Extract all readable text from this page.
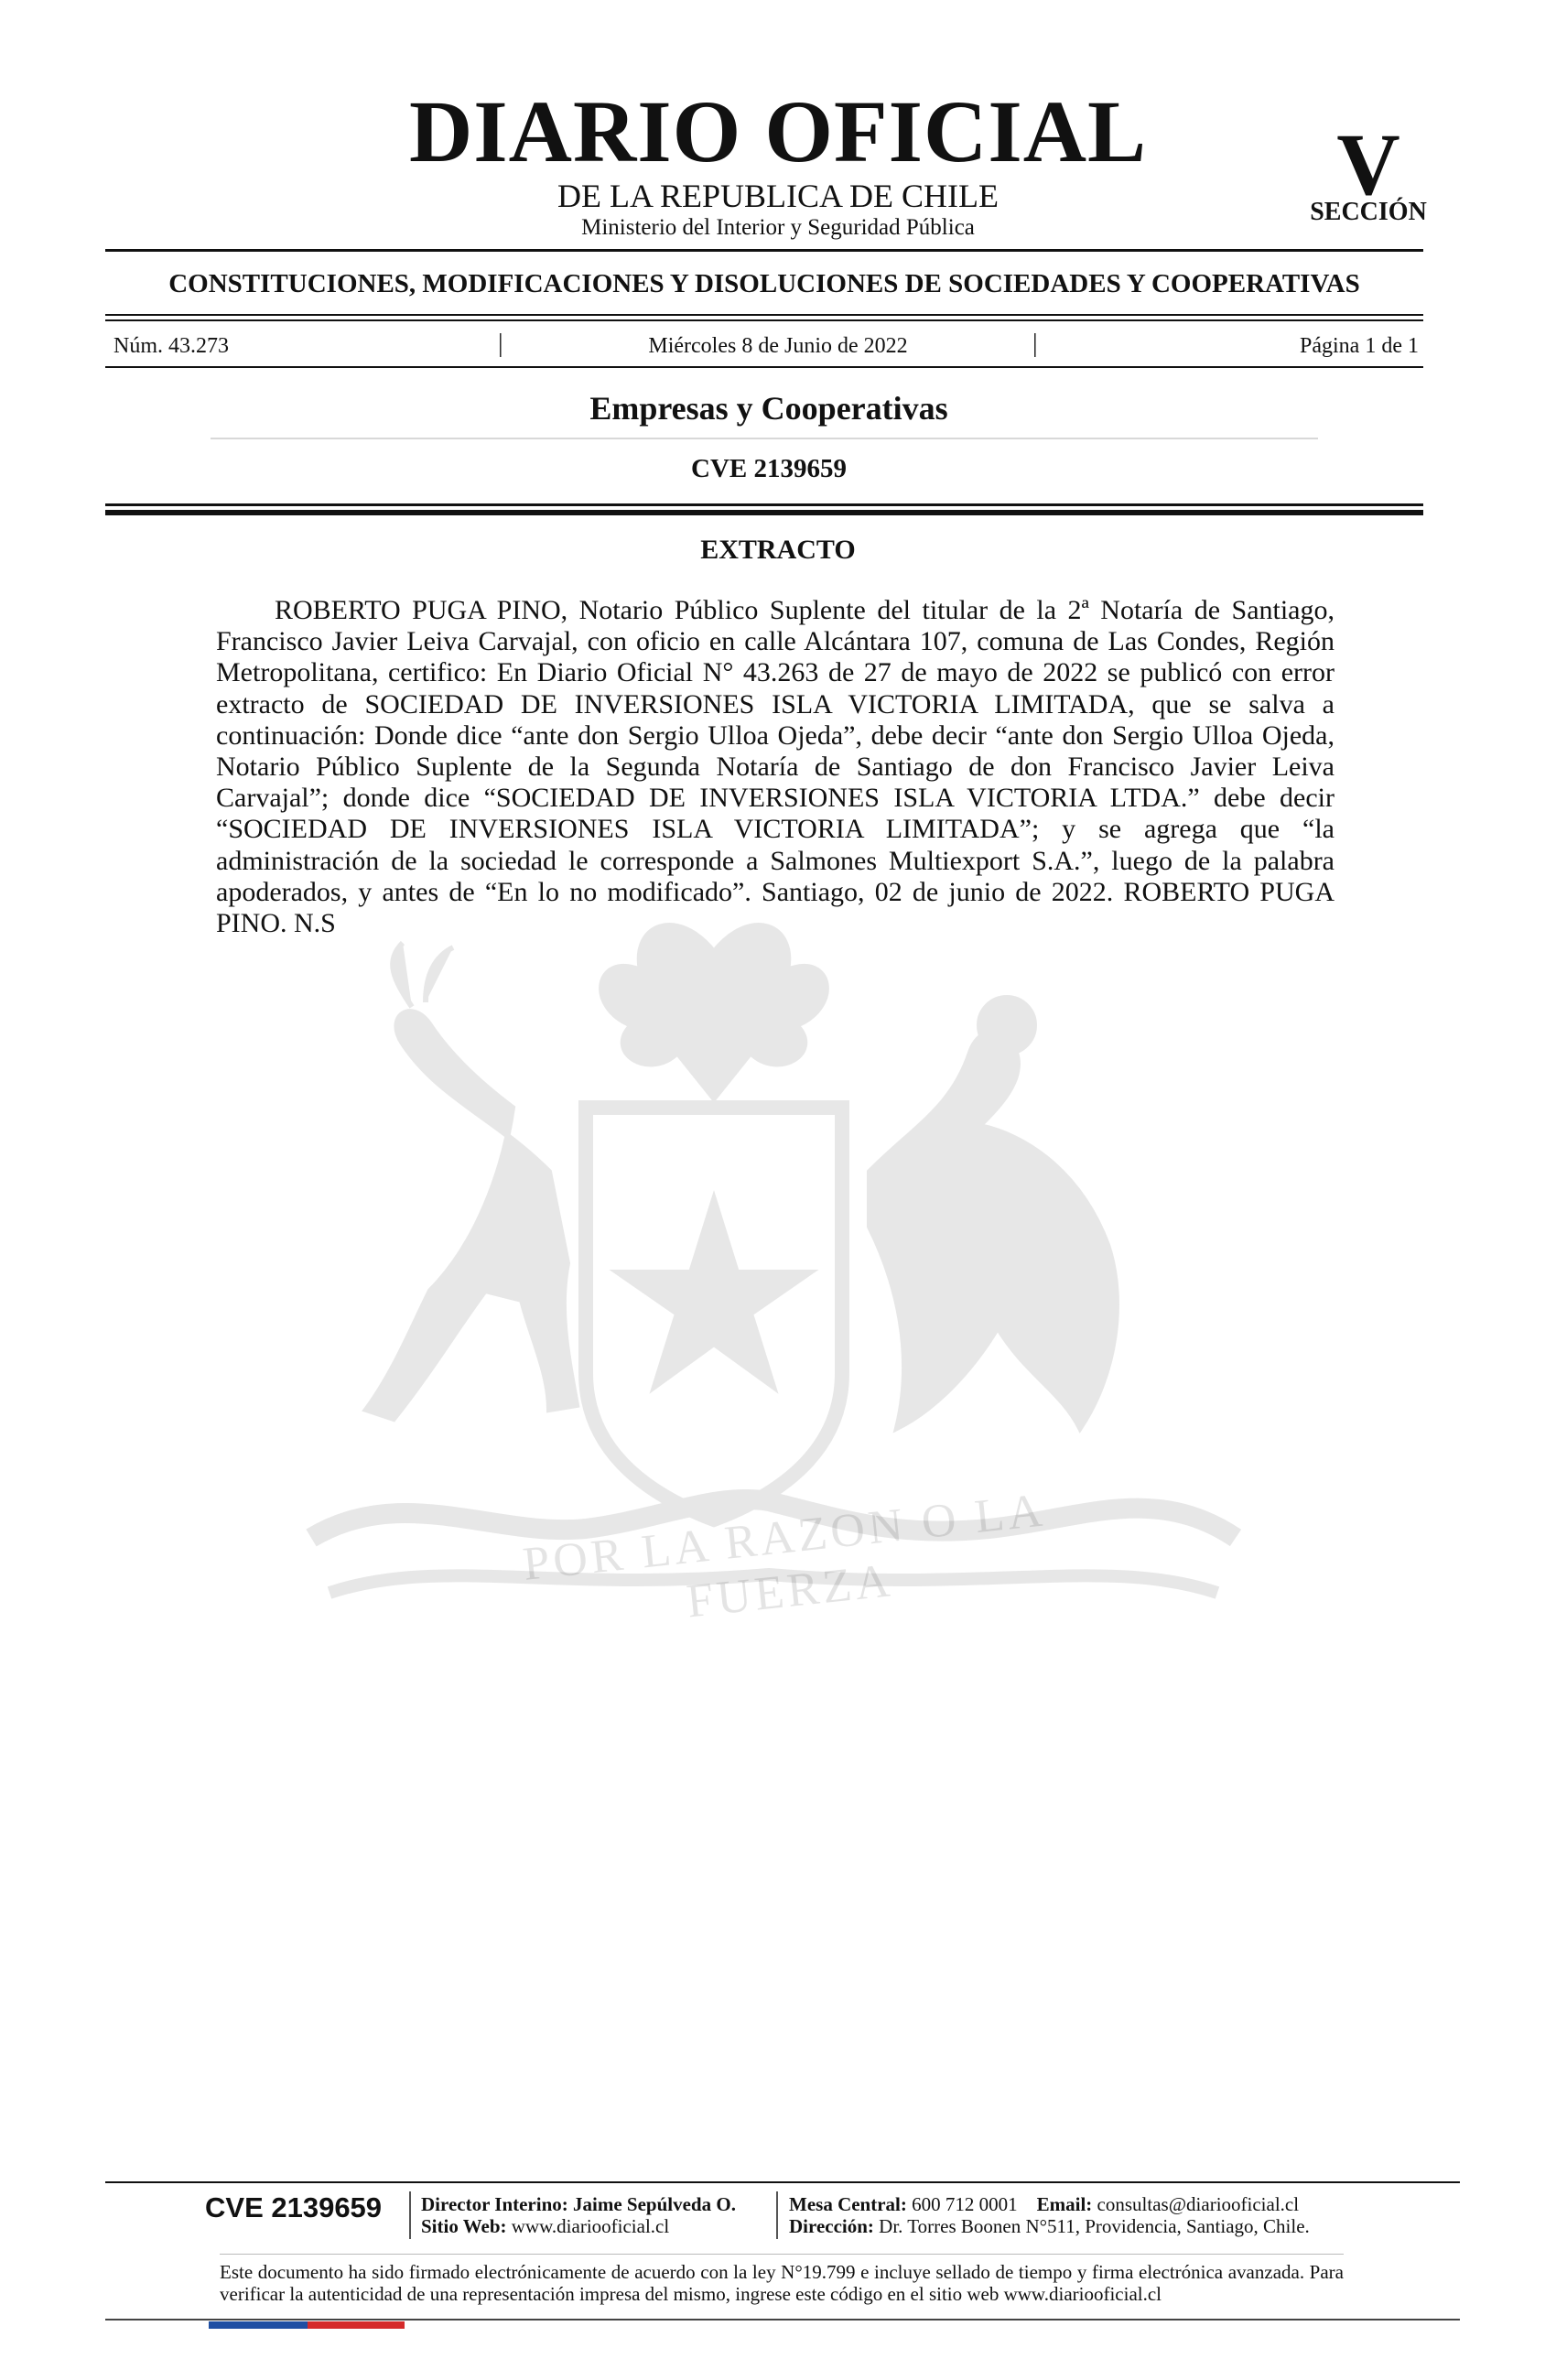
DIARIO OFICIAL
DE LA REPUBLICA DE CHILE
Ministerio del Interior y Seguridad Pública
V
SECCIÓN
CONSTITUCIONES, MODIFICACIONES Y DISOLUCIONES DE SOCIEDADES Y COOPERATIVAS
Núm. 43.273	|	Miércoles 8 de Junio de 2022	|	Página 1 de 1
Empresas y Cooperativas
CVE 2139659
EXTRACTO

ROBERTO PUGA PINO, Notario Público Suplente del titular de la 2ª Notaría de Santiago, Francisco Javier Leiva Carvajal, con oficio en calle Alcántara 107, comuna de Las Condes, Región Metropolitana, certifico: En Diario Oficial N° 43.263 de 27 de mayo de 2022 se publicó con error extracto de SOCIEDAD DE INVERSIONES ISLA VICTORIA LIMITADA, que se salva a continuación: Donde dice “ante don Sergio Ulloa Ojeda”, debe decir “ante don Sergio Ulloa Ojeda, Notario Público Suplente de la Segunda Notaría de Santiago de don Francisco Javier Leiva Carvajal”; donde dice “SOCIEDAD DE INVERSIONES ISLA VICTORIA LTDA.” debe decir “SOCIEDAD DE INVERSIONES ISLA VICTORIA LIMITADA”; y se agrega que “la administración de la sociedad le corresponde a Salmones Multiexport S.A.”, luego de la palabra apoderados, y antes de “En lo no modificado”. Santiago, 02 de junio de 2022. ROBERTO PUGA PINO. N.S

POR LA RAZON O LA FUERZA
CVE 2139659 Director Interino: Jaime Sepúlveda O.
Sitio Web: www.diariooficial.cl
Mesa Central: 600 712 0001 Email: consultas@diariooficial.cl
Dirección: Dr. Torres Boonen N°511, Providencia, Santiago, Chile.
Este documento ha sido firmado electrónicamente de acuerdo con la ley N°19.799 e incluye sellado de tiempo y firma electrónica avanzada. Para verificar la autenticidad de una representación impresa del mismo, ingrese este código en el sitio web www.diariooficial.cl
